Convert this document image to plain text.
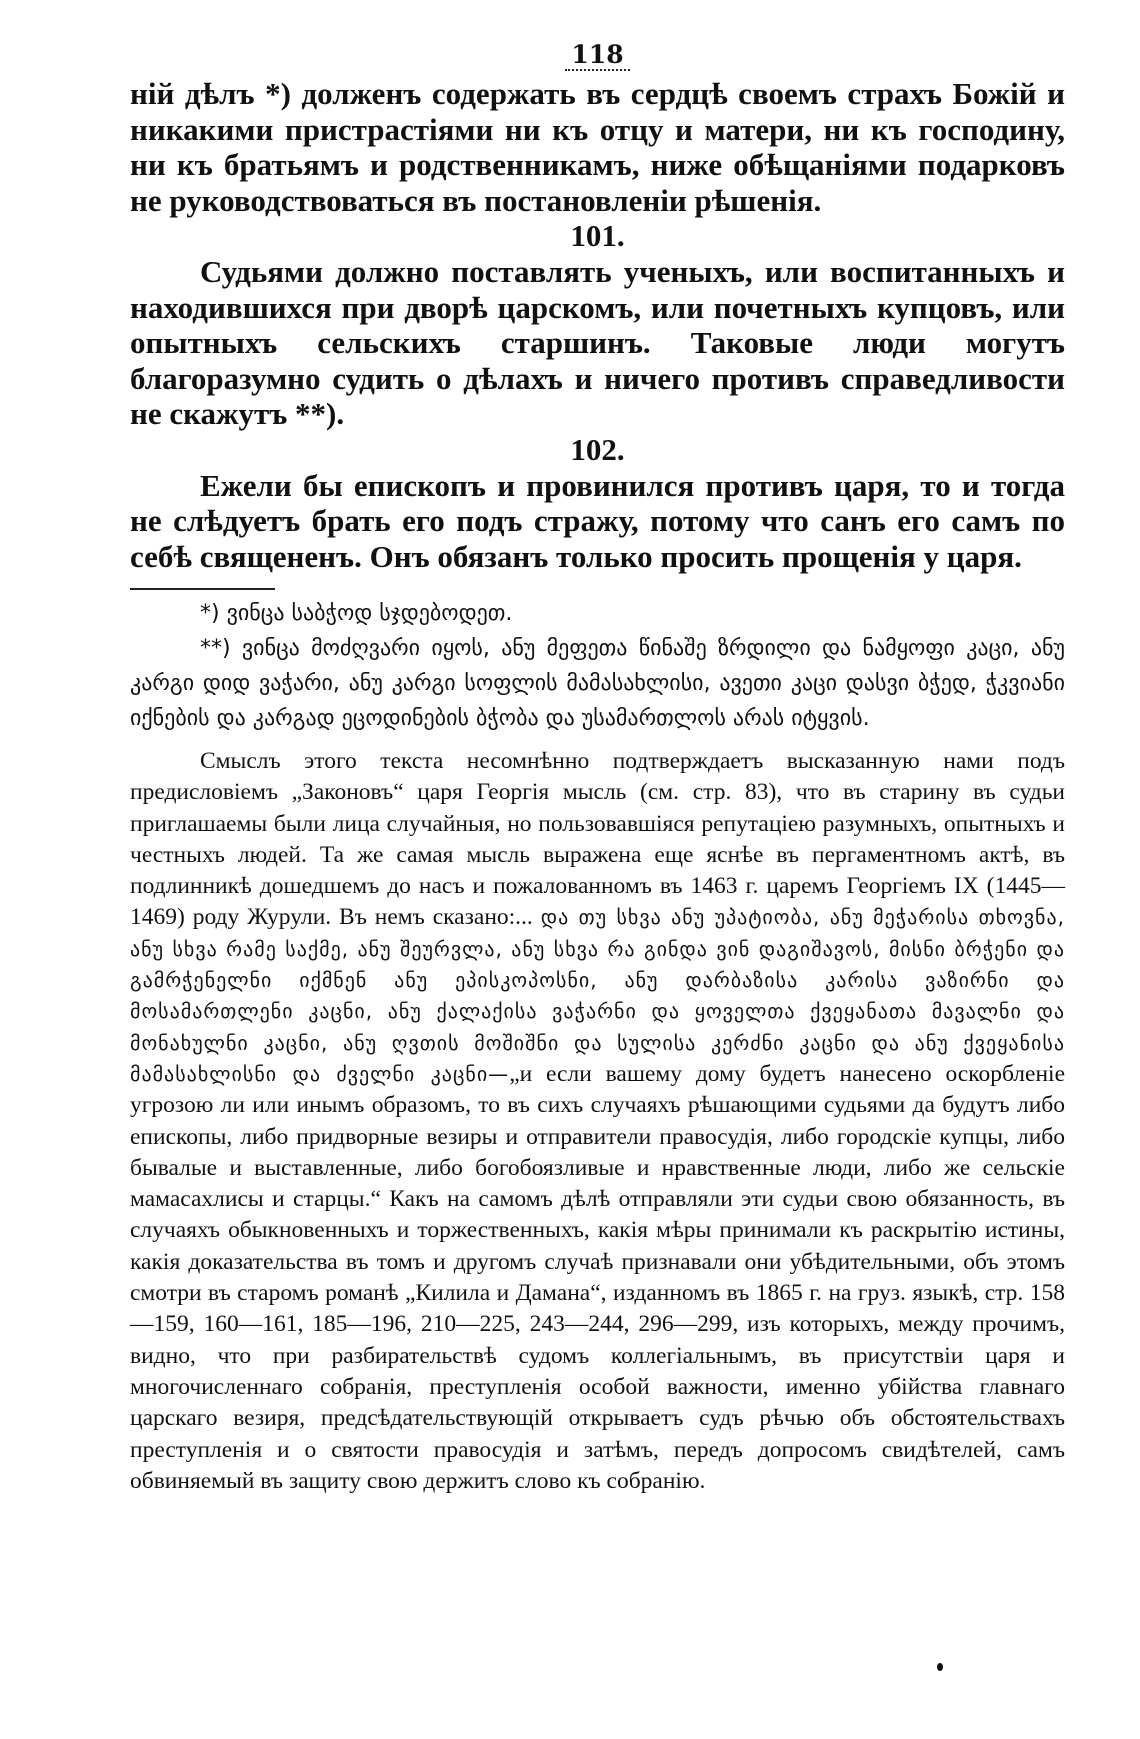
118

ній дѣлъ *) долженъ содержать въ сердцѣ своемъ страхъ Божій и никакими пристрастіями ни къ отцу и матери, ни къ господину, ни къ братьямъ и родственникамъ, ниже обѣщаніями подарковъ не руководствоваться въ постановленіи рѣшенія.

101.

Судьями должно поставлять ученыхъ, или воспитанныхъ и находившихся при дворѣ царскомъ, или почетныхъ купцовъ, или опытныхъ сельскихъ старшинъ. Таковые люди могутъ благоразумно судить о дѣлахъ и ничего противъ справедливости не скажутъ **).

102.

Ежели бы епископъ и провинился противъ царя, то и тогда не слѣдуетъ брать его подъ стражу, потому что санъ его самъ по себѣ священенъ. Онъ обязанъ только просить прощенія у царя.

*) ვინცა საბჭოდ სჯდებოდეთ.

**) ვინცა მოძღვარი იყოს, ანუ მეფეთა წინაშე ზრდილი და ნამყოფი კაცი, ანუ კარგი დიდ ვაჭარი, ანუ კარგი სოფლის მამასახლისი, ავეთი კაცი დასვი ბჭედ, ჭკვიანი იქნების და კარგად ეცოდინების ბჭობა და უსამართლოს არას იტყვის.

Смыслъ этого текста несомнѣнно подтверждаетъ высказанную нами подъ предисловіемъ „Законовъ“ царя Георгія мысль (см. стр. 83), что въ старину въ судьи приглашаемы были лица случайныя, но пользовавшіяся репутаціею разумныхъ, опытныхъ и честныхъ людей. Та же самая мысль выражена еще яснѣе въ пергаментномъ актѣ, въ подлинникѣ дошедшемъ до насъ и пожалованномъ въ 1463 г. царемъ Георгіемъ IX (1445—1469) роду Журули. Въ немъ сказано:... და თუ სხვა ანუ უპატიობა, ანუ მეჭარისა თხოვნა, ანუ სხვა რამე საქმე, ანუ შეურვლა, ანუ სხვა რა გინდა ვინ დაგიშავოს, მისნი ბრჭენი და გამრჭენელნი იქმნენ ანუ ეპისკოპოსნი, ანუ დარბაზისა კარისა ვაზირნი და მოსამართლენი კაცნი, ანუ ქალაქისა ვაჭარნი და ყოველთა ქვეყანათა მავალნი და მონახულნი კაცნი, ანუ ღვთის მოშიშნი და სულისა კერძნი კაცნი და ანუ ქვეყანისა მამასახლისნი და ძველნი კაცნი—„и если вашему дому будетъ нанесено оскорбленіе угрозою ли или инымъ образомъ, то въ сихъ случаяхъ рѣшающими судьями да будутъ либо епископы, либо придворные везиры и отправители правосудія, либо городскіе купцы, либо бывалые и выставленные, либо богобоязливые и нравственные люди, либо же сельскіе мамасахлисы и старцы.“ Какъ на самомъ дѣлѣ отправляли эти судьи свою обязанность, въ случаяхъ обыкновенныхъ и торжественныхъ, какія мѣры принимали къ раскрытію истины, какія доказательства въ томъ и другомъ случаѣ признавали они убѣдительными, объ этомъ смотри въ старомъ романѣ „Килила и Дамана“, изданномъ въ 1865 г. на груз. языкѣ, стр. 158—159, 160—161, 185—196, 210—225, 243—244, 296—299, изъ которыхъ, между прочимъ, видно, что при разбирательствѣ судомъ коллегіальнымъ, въ присутствіи царя и многочисленнаго собранія, преступленія особой важности, именно убійства главнаго царскаго везиря, предсѣдательствующій открываетъ судъ рѣчью объ обстоятельствахъ преступленія и о святости правосудія и затѣмъ, передъ допросомъ свидѣтелей, самъ обвиняемый въ защиту свою держитъ слово къ собранію.
